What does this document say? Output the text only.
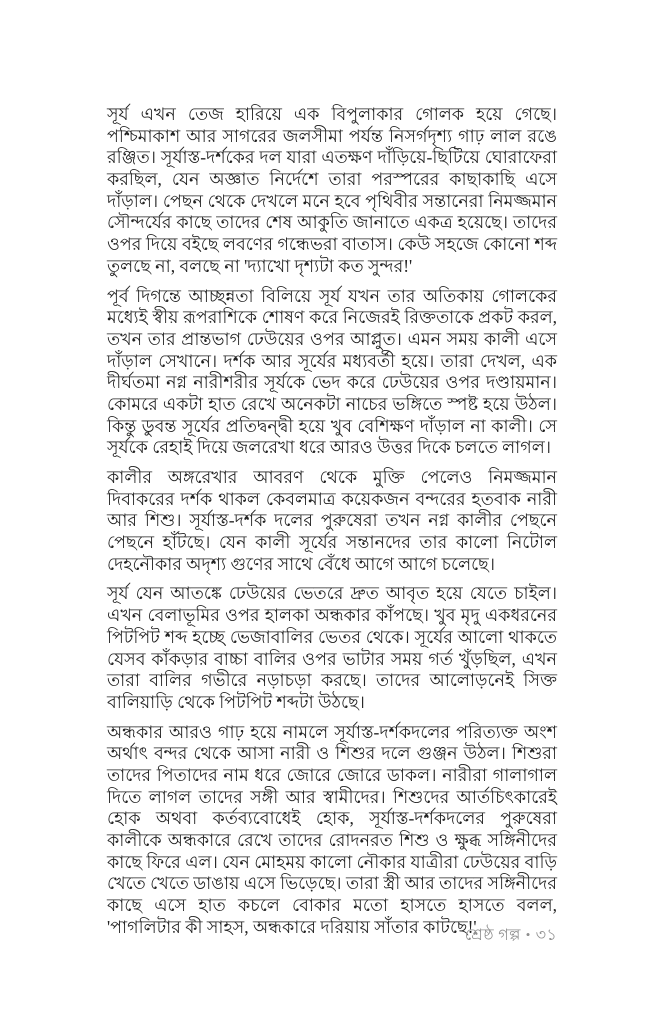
সূর্য এখন তেজ হারিয়ে এক বিপুলাকার গোলক হয়ে গেছে। পশ্চিমাকাশ আর সাগরের জলসীমা পর্যন্ত নিসর্গদৃশ্য গাঢ় লাল রঙে রঞ্জিত। সূর্যাস্ত-দর্শকের দল যারা এতক্ষণ দাঁড়িয়ে-ছিটিয়ে ঘোরাফেরা করছিল, যেন অজ্ঞাত নির্দেশে তারা পরস্পরের কাছাকাছি এসে দাঁড়াল। পেছন থেকে দেখলে মনে হবে পৃথিবীর সন্তানেরা নিমজ্জমান সৌন্দর্যের কাছে তাদের শেষ আকুতি জানাতে একত্র হয়েছে। তাদের ওপর দিয়ে বইছে লবণের গন্ধেভরা বাতাস। কেউ সহজে কোনো শব্দ তুলছে না, বলছে না 'দ্যাখো দৃশ্যটা কত সুন্দর!'

পূর্ব দিগন্তে আচ্ছন্নতা বিলিয়ে সূর্য যখন তার অতিকায় গোলকের মধ্যেই স্বীয় রূপরাশিকে শোষণ করে নিজেরই রিক্ততাকে প্রকট করল, তখন তার প্রান্তভাগ ঢেউয়ের ওপর আপ্লুত। এমন সময় কালী এসে দাঁড়াল সেখানে। দর্শক আর সূর্যের মধ্যবর্তী হয়ে। তারা দেখল, এক দীর্ঘতমা নগ্ন নারীশরীর সূর্যকে ভেদ করে ঢেউয়ের ওপর দণ্ডায়মান। কোমরে একটা হাত রেখে অনেকটা নাচের ভঙ্গিতে স্পষ্ট হয়ে উঠল। কিন্তু ডুবন্ত সূর্যের প্রতিদ্বন্দ্বী হয়ে খুব বেশিক্ষণ দাঁড়াল না কালী। সে সূর্যকে রেহাই দিয়ে জলরেখা ধরে আরও উত্তর দিকে চলতে লাগল।

কালীর অঙ্গরেখার আবরণ থেকে মুক্তি পেলেও নিমজ্জমান দিবাকরের দর্শক থাকল কেবলমাত্র কয়েকজন বন্দরের হতবাক নারী আর শিশু। সূর্যাস্ত-দর্শক দলের পুরুষেরা তখন নগ্ন কালীর পেছনে পেছনে হাঁটছে। যেন কালী সূর্যের সন্তানদের তার কালো নিটোল দেহনৌকার অদৃশ্য গুণের সাথে বেঁধে আগে আগে চলেছে।

সূর্য যেন আতঙ্কে ঢেউয়ের ভেতরে দ্রুত আবৃত হয়ে যেতে চাইল। এখন বেলাভূমির ওপর হালকা অন্ধকার কাঁপছে। খুব মৃদু একধরনের পিটপিট শব্দ হচ্ছে ভেজাবালির ভেতর থেকে। সূর্যের আলো থাকতে যেসব কাঁকড়ার বাচ্চা বালির ওপর ভাটার সময় গর্ত খুঁড়ছিল, এখন তারা বালির গভীরে নড়াচড়া করছে। তাদের আলোড়নেই সিক্ত বালিয়াড়ি থেকে পিটপিট শব্দটা উঠছে।

অন্ধকার আরও গাঢ় হয়ে নামলে সূর্যাস্ত-দর্শকদলের পরিত্যক্ত অংশ অর্থাৎ বন্দর থেকে আসা নারী ও শিশুর দলে গুঞ্জন উঠল। শিশুরা তাদের পিতাদের নাম ধরে জোরে জোরে ডাকল। নারীরা গালাগাল দিতে লাগল তাদের সঙ্গী আর স্বামীদের। শিশুদের আর্তচিৎকারেই হোক অথবা কর্তব্যবোধেই হোক, সূর্যাস্ত-দর্শকদলের পুরুষেরা কালীকে অন্ধকারে রেখে তাদের রোদনরত শিশু ও ক্ষুব্ধ সঙ্গিনীদের কাছে ফিরে এল। যেন মোহময় কালো নৌকার যাত্রীরা ঢেউয়ের বাড়ি খেতে খেতে ডাঙায় এসে ভিড়েছে। তারা স্ত্রী আর তাদের সঙ্গিনীদের কাছে এসে হাত কচলে বোকার মতো হাসতে হাসতে বলল, 'পাগলিটার কী সাহস, অন্ধকারে দরিয়ায় সাঁতার কাটছে!'

শ্রেষ্ঠ গল্প • ৩১
